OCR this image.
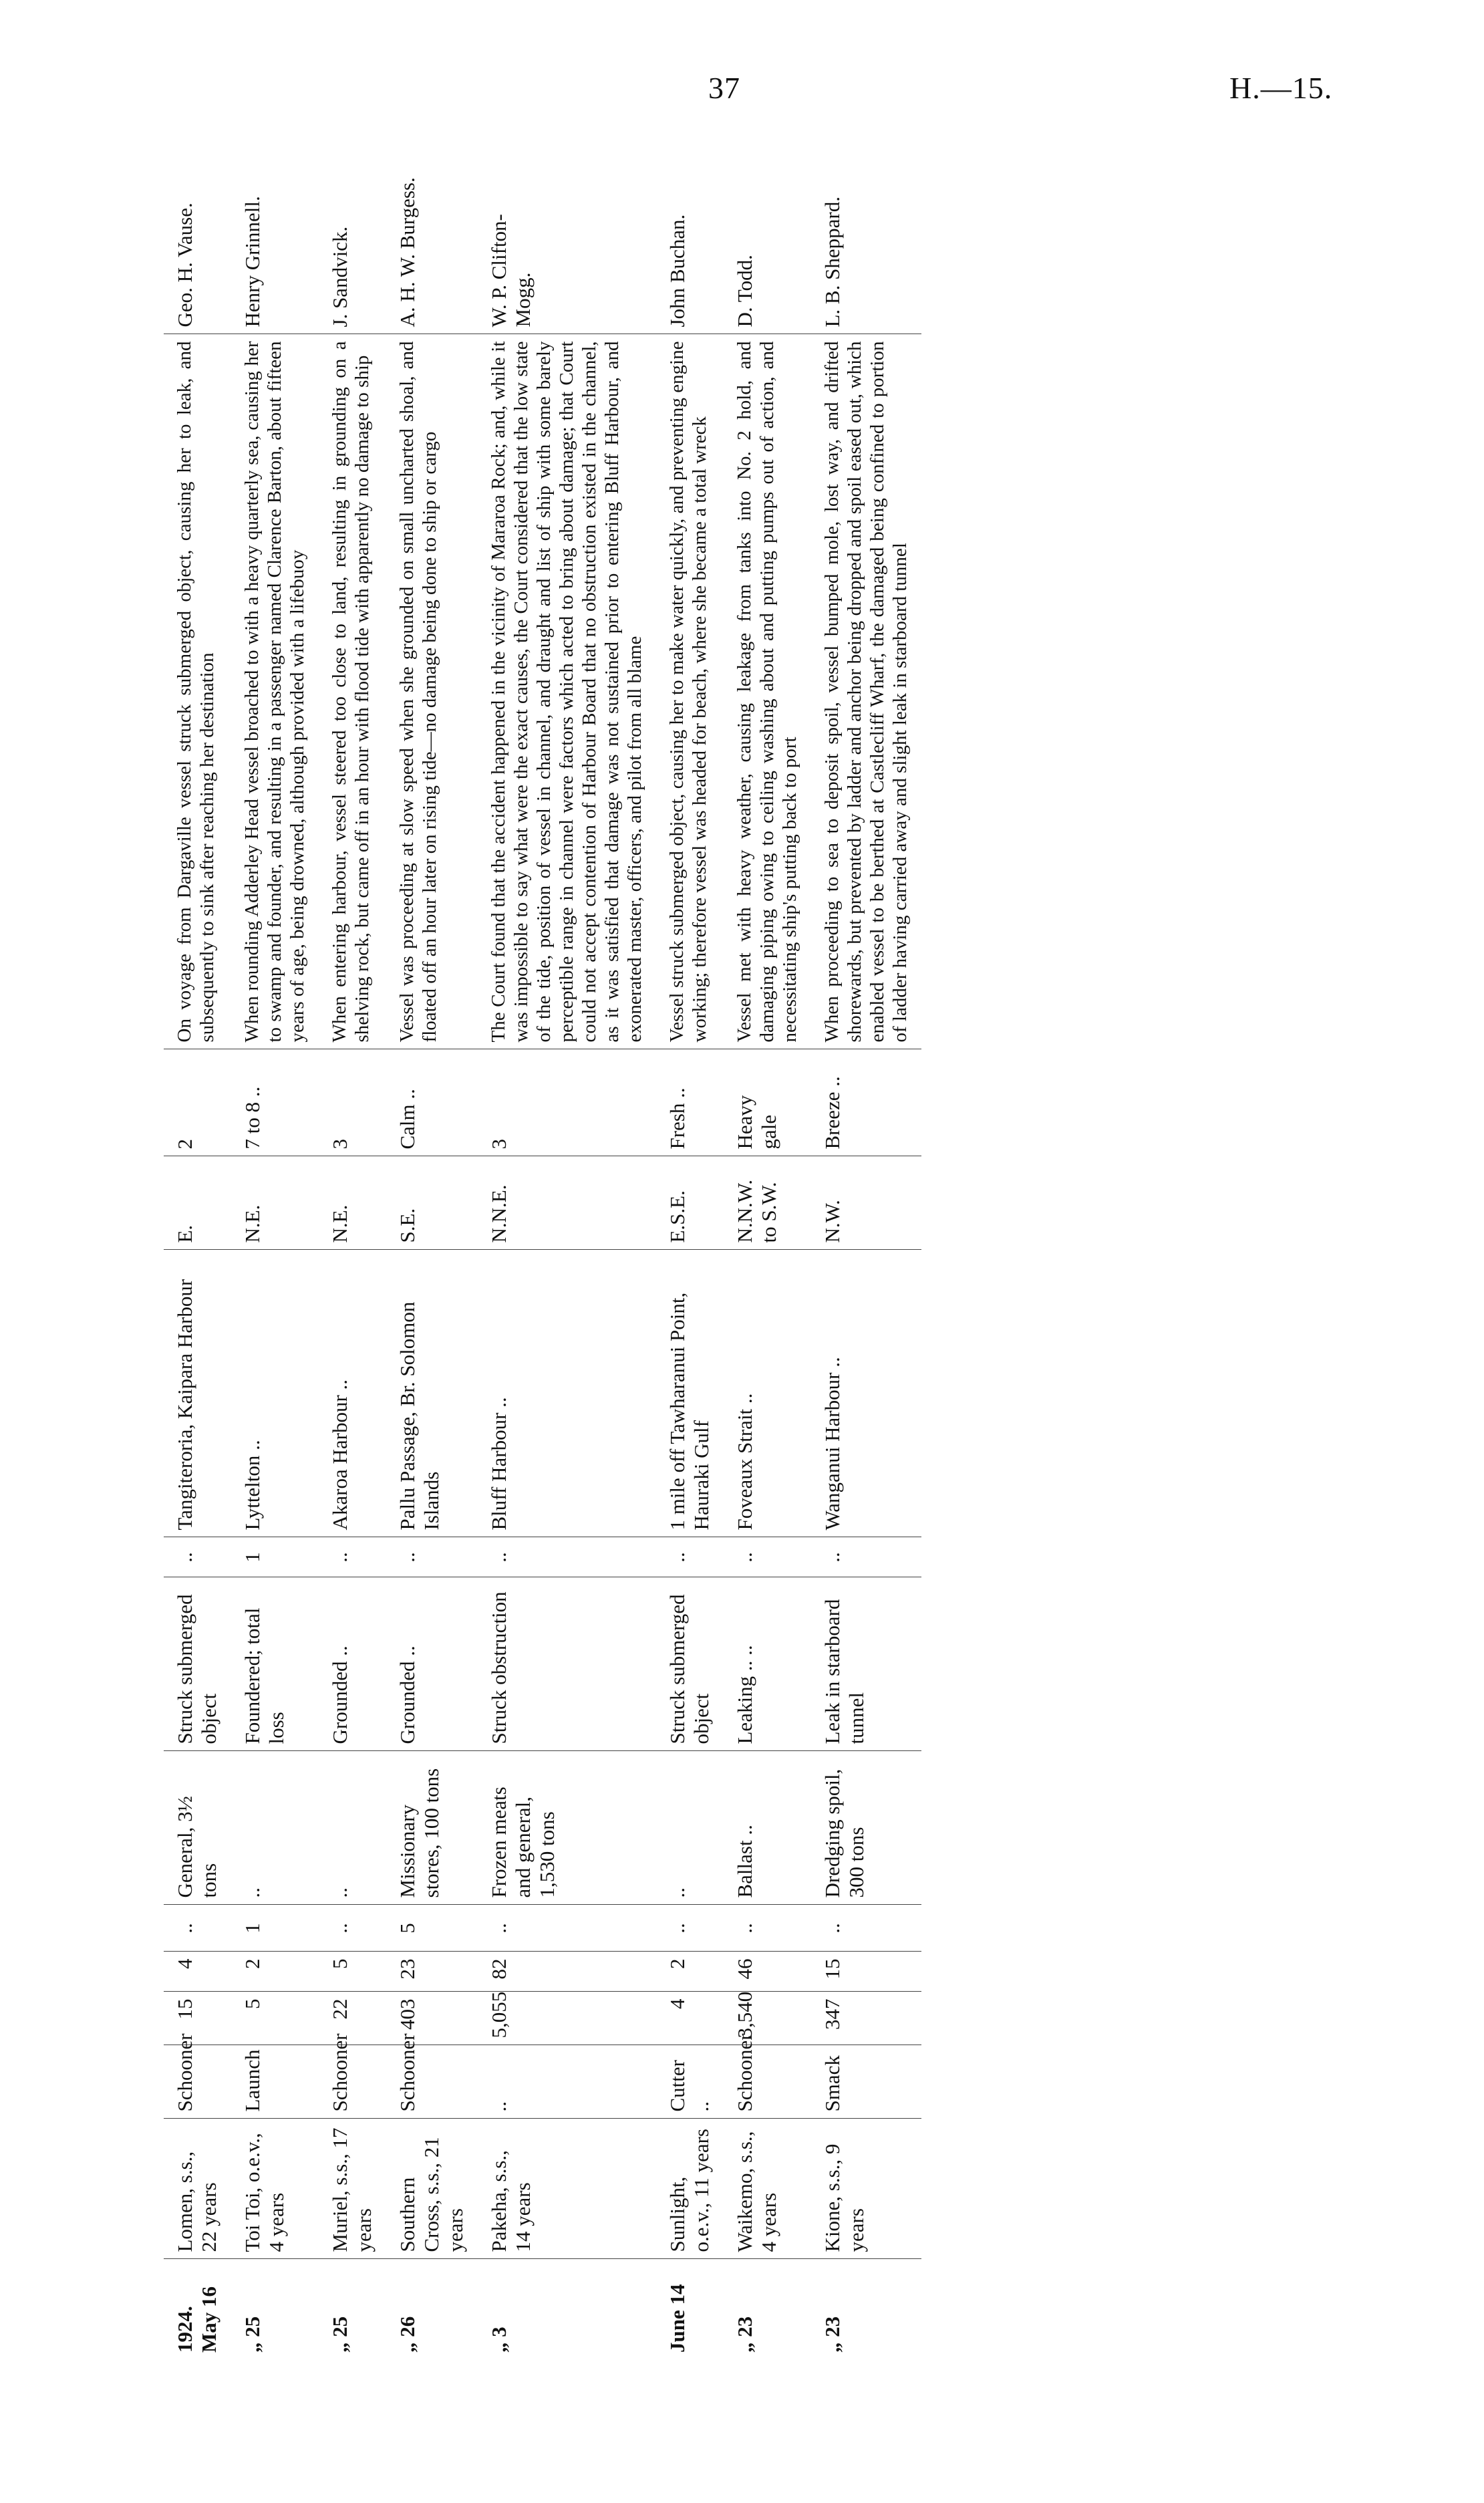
37	H.—15.
1924. May 16	Lomen, s.s., 22 years	Schooner	15	4	..	General, 3½ tons	Struck submerged object	..	Tangiteroria, Kaipara Harbour	E.	2	On voyage from Dargaville vessel struck submerged object, causing her to leak, and subsequently to sink after reaching her destination	Geo. H. Vause.
„ 25	Toi Toi, o.e.v., 4 years	Launch	5	2	1	..	Foundered; total loss	1	Lyttelton ..	N.E.	7 to 8 ..	When rounding Adderley Head vessel broached to with a heavy quarterly sea, causing her to swamp and founder, and resulting in a passenger named Clarence Barton, about fifteen years of age, being drowned, although provided with a lifebuoy	Henry Grinnell.
„ 25	Muriel, s.s., 17 years	Schooner	22	5	..	..	Grounded ..	..	Akaroa Harbour ..	N.E.	3	When entering harbour, vessel steered too close to land, resulting in grounding on a shelving rock, but came off in an hour with flood tide with apparently no damage to ship	J. Sandvick.
„ 26	Southern Cross, s.s., 21 years	Schooner	403	23	5	Missionary stores, 100 tons	Grounded ..	..	Pallu Passage, Br. Solomon Islands	S.E.	Calm ..	Vessel was proceeding at slow speed when she grounded on small uncharted shoal, and floated off an hour later on rising tide—no damage being done to ship or cargo	A. H. W. Burgess.
„ 3	Pakeha, s.s., 14 years	..	5,055	82	..	Frozen meats and general, 1,530 tons	Struck obstruction	..	Bluff Harbour ..	N.N.E.	3	The Court found that the accident happened in the vicinity of Mararoa Rock; and, while it was impossible to say what were the exact causes, the Court considered that the low state of the tide, position of vessel in channel, and draught and list of ship with some barely perceptible range in channel were factors which acted to bring about damage; that Court could not accept contention of Harbour Board that no obstruction existed in the channel, as it was satisfied that damage was not sustained prior to entering Bluff Harbour, and exonerated master, officers, and pilot from all blame	W. P. Clifton-Mogg.
June 14	Sunlight, o.e.v., 11 years	Cutter ..	4	2	..	..	Struck submerged object	..	1 mile off Tawharanui Point, Hauraki Gulf	E.S.E.	Fresh ..	Vessel struck submerged object, causing her to make water quickly, and preventing engine working; therefore vessel was headed for beach, where she became a total wreck	John Buchan.
„ 23	Waikemo, s.s., 4 years	Schooner	3,540	46	..	Ballast ..	Leaking .. ..	..	Foveaux Strait ..	N.N.W. to S.W.	Heavy gale	Vessel met with heavy weather, causing leakage from tanks into No. 2 hold, and damaging piping owing to ceiling washing about and putting pumps out of action, and necessitating ship's putting back to port	D. Todd.
„ 23	Kione, s.s., 9 years	Smack	347	15	..	Dredging spoil, 300 tons	Leak in starboard tunnel	..	Wanganui Harbour ..	N.W.	Breeze ..	When proceeding to sea to deposit spoil, vessel bumped mole, lost way, and drifted shorewards, but prevented by ladder and anchor being dropped and spoil eased out, which enabled vessel to be berthed at Castlecliff Wharf, the damaged being confined to portion of ladder having carried away and slight leak in starboard tunnel	L. B. Sheppard.
